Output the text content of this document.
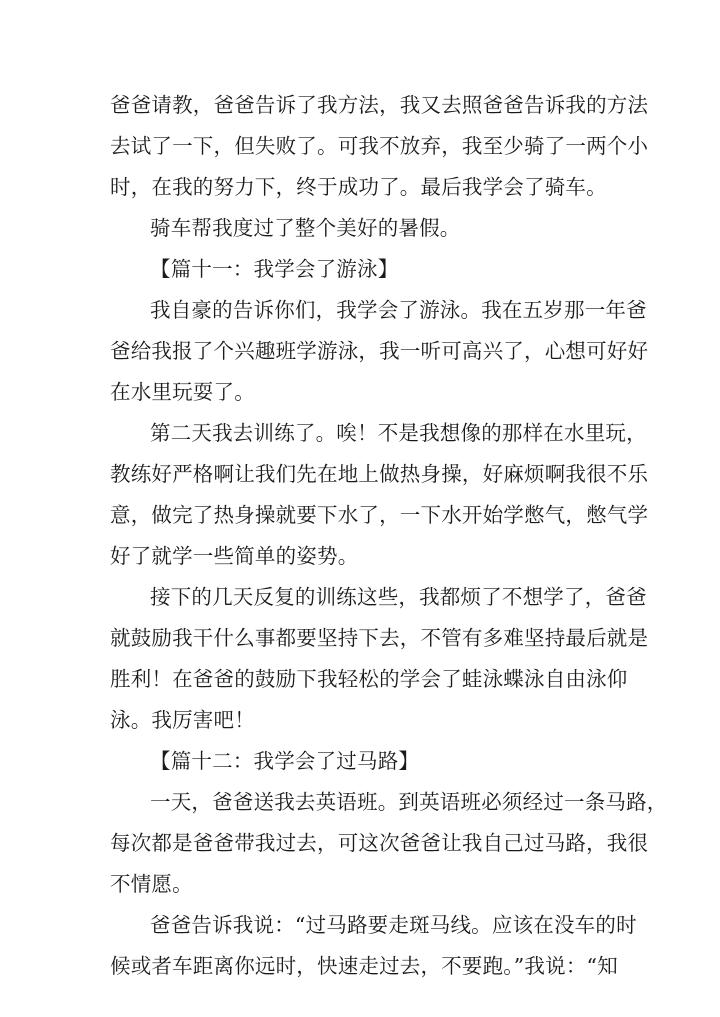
爸爸请教，爸爸告诉了我方法，我又去照爸爸告诉我的方法
去试了一下，但失败了。可我不放弃，我至少骑了一两个小
时，在我的努力下，终于成功了。最后我学会了骑车。
骑车帮我度过了整个美好的暑假。
【篇十一：我学会了游泳】
我自豪的告诉你们，我学会了游泳。我在五岁那一年爸
爸给我报了个兴趣班学游泳，我一听可高兴了，心想可好好
在水里玩耍了。
第二天我去训练了。唉！不是我想像的那样在水里玩，
教练好严格啊让我们先在地上做热身操，好麻烦啊我很不乐
意，做完了热身操就要下水了，一下水开始学憋气，憋气学
好了就学一些简单的姿势。
接下的几天反复的训练这些，我都烦了不想学了，爸爸
就鼓励我干什么事都要坚持下去，不管有多难坚持最后就是
胜利！在爸爸的鼓励下我轻松的学会了蛙泳蝶泳自由泳仰
泳。我厉害吧！
【篇十二：我学会了过马路】
一天，爸爸送我去英语班。到英语班必须经过一条马路，
每次都是爸爸带我过去，可这次爸爸让我自己过马路，我很
不情愿。
爸爸告诉我说：“过马路要走斑马线。应该在没车的时
候或者车距离你远时，快速走过去，不要跑。”我说：“知
